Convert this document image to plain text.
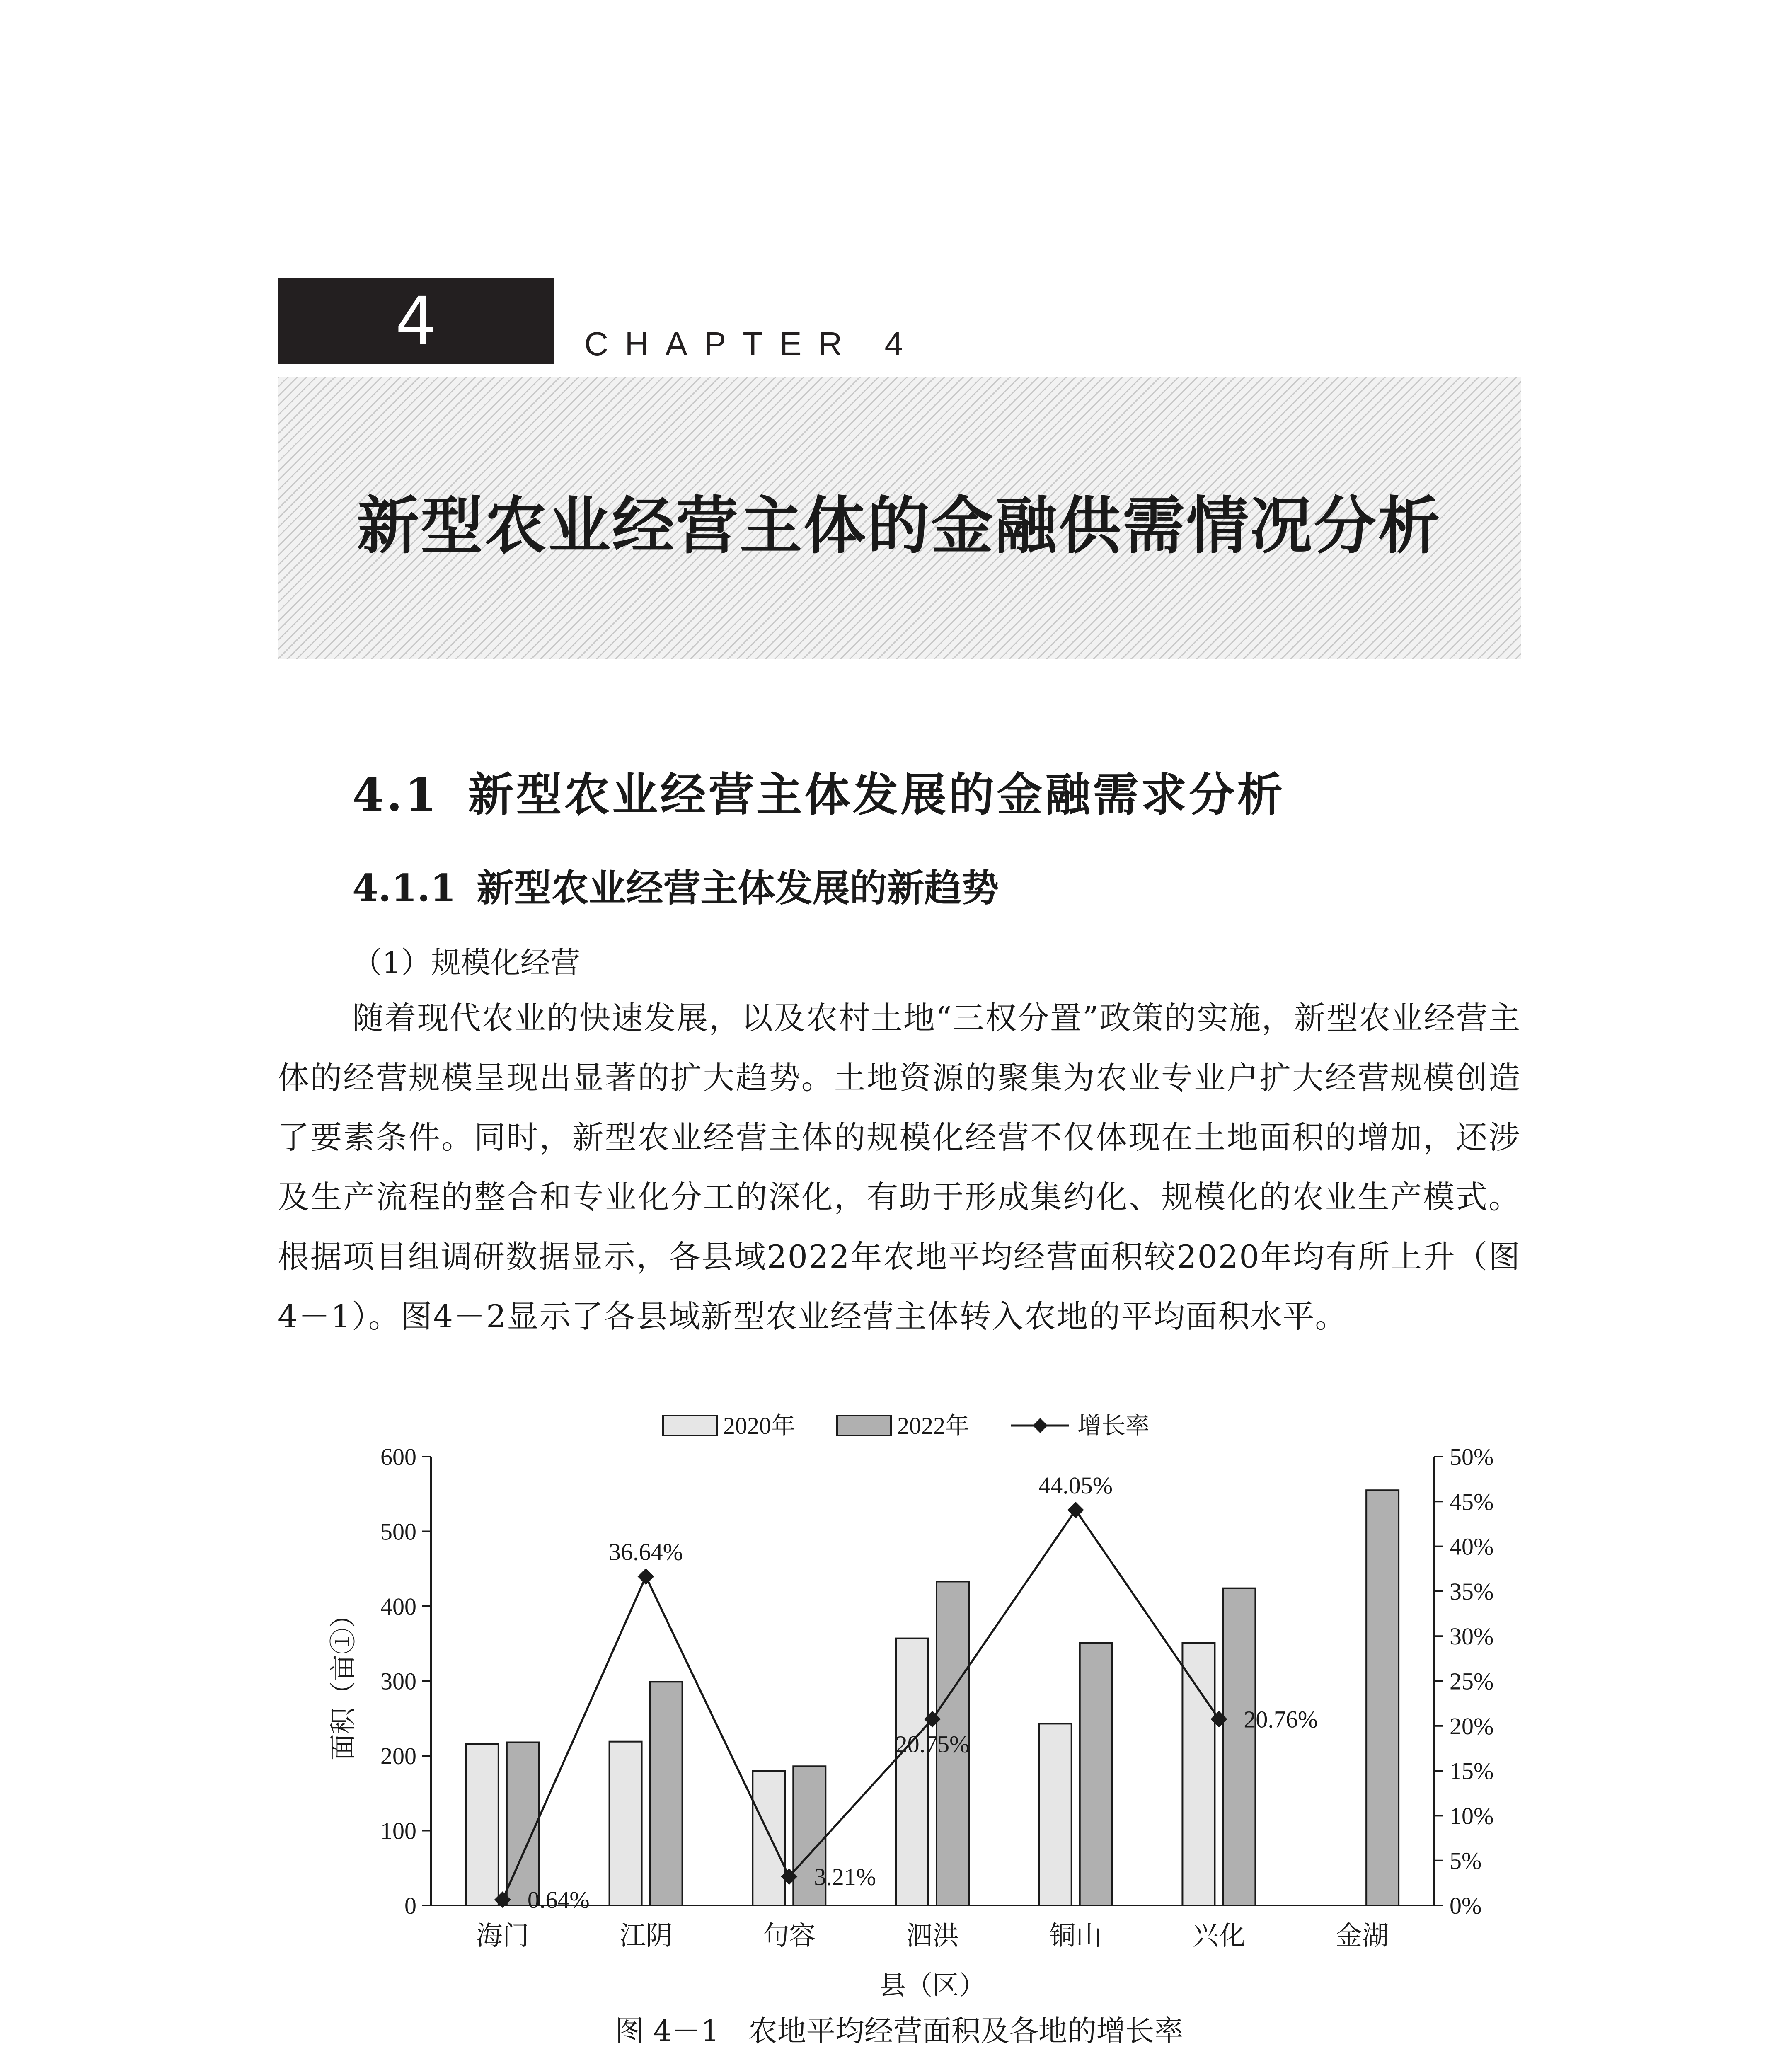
4	CHAPTER 4
新型农业经营主体的金融供需情况分析
4.1 新型农业经营主体发展的金融需求分析
4.1.1 新型农业经营主体发展的新趋势
（1）规模化经营
随着现代农业的快速发展，以及农村土地“三权分置”政策的实施，新型农业经营主体的经营规模呈现出显著的扩大趋势。土地资源的聚集为农业专业户扩大经营规模创造了要素条件。同时，新型农业经营主体的规模化经营不仅体现在土地面积的增加，还涉及生产流程的整合和专业化分工的深化，有助于形成集约化、规模化的农业生产模式。根据项目组调研数据显示，各县域2022年农地平均经营面积较2020年均有所上升（图4－1）。图4－2显示了各县域新型农业经营主体转入农地的平均面积水平。
2020年	2022年	增长率
0
100
200
300
400
500
600
0%
5%
10%
15%
20%
25%
30%
35%
40%
45%
50%
海门	江阴	句容	泗洪	铜山	兴化	金湖
县（区）
面积（亩①）
0.64%
36.64%
3.21%
20.75%
44.05%
20.76%
图 4－1　农地平均经营面积及各地的增长率
